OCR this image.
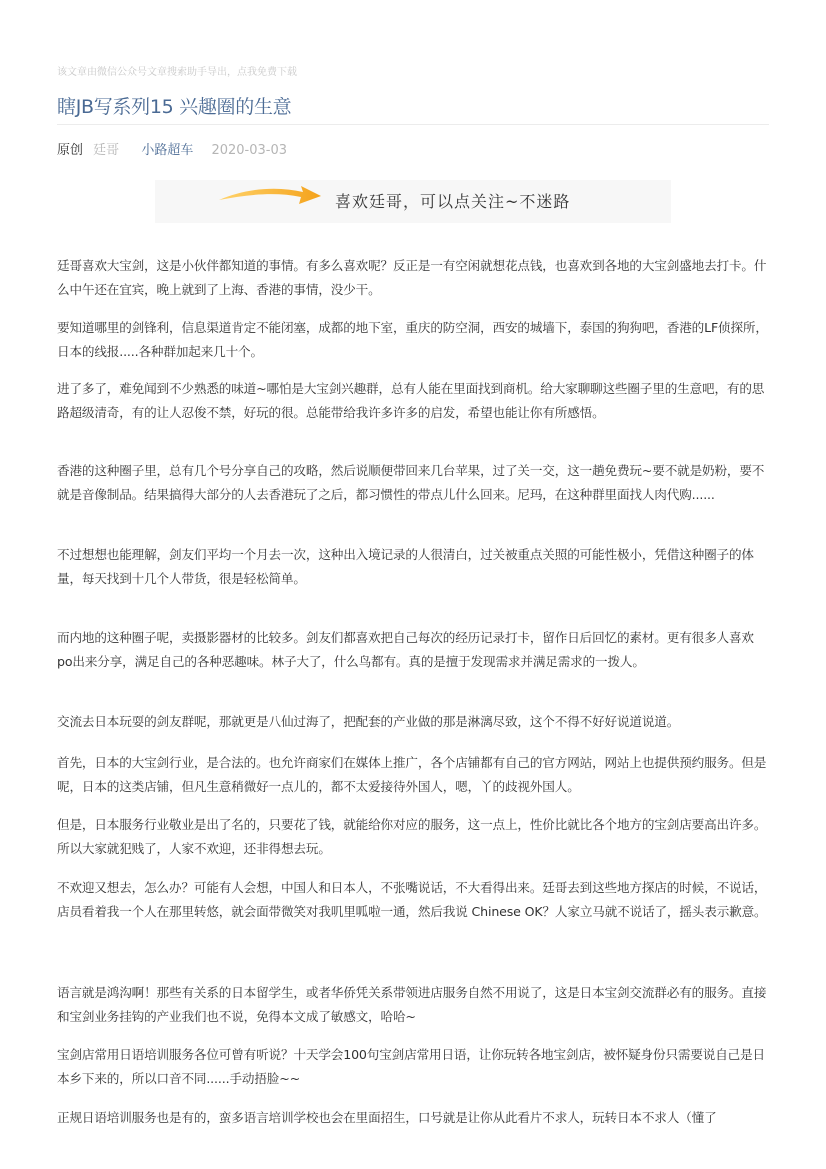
该文章由微信公众号文章搜索助手导出，点我免费下载
瞎JB写系列15 兴趣圈的生意
原创 廷哥 小路超车 2020-03-03
喜欢廷哥，可以点关注~不迷路

廷哥喜欢大宝剑，这是小伙伴都知道的事情。有多么喜欢呢？反正是一有空闲就想花点钱，也喜欢到各地的大宝剑盛地去打卡。什么中午还在宜宾，晚上就到了上海、香港的事情，没少干。

要知道哪里的剑锋利，信息渠道肯定不能闭塞，成都的地下室，重庆的防空洞，西安的城墙下，泰国的狗狗吧，香港的LF侦探所，日本的线报.....各种群加起来几十个。

进了多了，难免闻到不少熟悉的味道~哪怕是大宝剑兴趣群，总有人能在里面找到商机。给大家聊聊这些圈子里的生意吧，有的思路超级清奇，有的让人忍俊不禁，好玩的很。总能带给我许多许多的启发，希望也能让你有所感悟。

香港的这种圈子里，总有几个号分享自己的攻略，然后说顺便带回来几台苹果，过了关一交，这一趟免费玩~要不就是奶粉，要不就是音像制品。结果搞得大部分的人去香港玩了之后，都习惯性的带点儿什么回来。尼玛，在这种群里面找人肉代购......

不过想想也能理解，剑友们平均一个月去一次，这种出入境记录的人很清白，过关被重点关照的可能性极小，凭借这种圈子的体量，每天找到十几个人带货，很是轻松简单。

而内地的这种圈子呢，卖摄影器材的比较多。剑友们都喜欢把自己每次的经历记录打卡，留作日后回忆的素材。更有很多人喜欢po出来分享，满足自己的各种恶趣味。林子大了，什么鸟都有。真的是擅于发现需求并满足需求的一拨人。

交流去日本玩耍的剑友群呢，那就更是八仙过海了，把配套的产业做的那是淋漓尽致，这个不得不好好说道说道。

首先，日本的大宝剑行业，是合法的。也允许商家们在媒体上推广，各个店铺都有自己的官方网站，网站上也提供预约服务。但是呢，日本的这类店铺，但凡生意稍微好一点儿的，都不太爱接待外国人，嗯，丫的歧视外国人。

但是，日本服务行业敬业是出了名的，只要花了钱，就能给你对应的服务，这一点上，性价比就比各个地方的宝剑店要高出许多。所以大家就犯贱了，人家不欢迎，还非得想去玩。

不欢迎又想去，怎么办？可能有人会想，中国人和日本人，不张嘴说话，不大看得出来。廷哥去到这些地方探店的时候，不说话，店员看着我一个人在那里转悠，就会面带微笑对我叽里呱啦一通，然后我说 Chinese OK？人家立马就不说话了，摇头表示歉意。

语言就是鸿沟啊！那些有关系的日本留学生，或者华侨凭关系带领进店服务自然不用说了，这是日本宝剑交流群必有的服务。直接和宝剑业务挂钩的产业我们也不说，免得本文成了敏感文，哈哈~

宝剑店常用日语培训服务各位可曾有听说？十天学会100句宝剑店常用日语，让你玩转各地宝剑店，被怀疑身份只需要说自己是日本乡下来的，所以口音不同......手动捂脸~~

正规日语培训服务也是有的，蛮多语言培训学校也会在里面招生，口号就是让你从此看片不求人，玩转日本不求人（懂了
